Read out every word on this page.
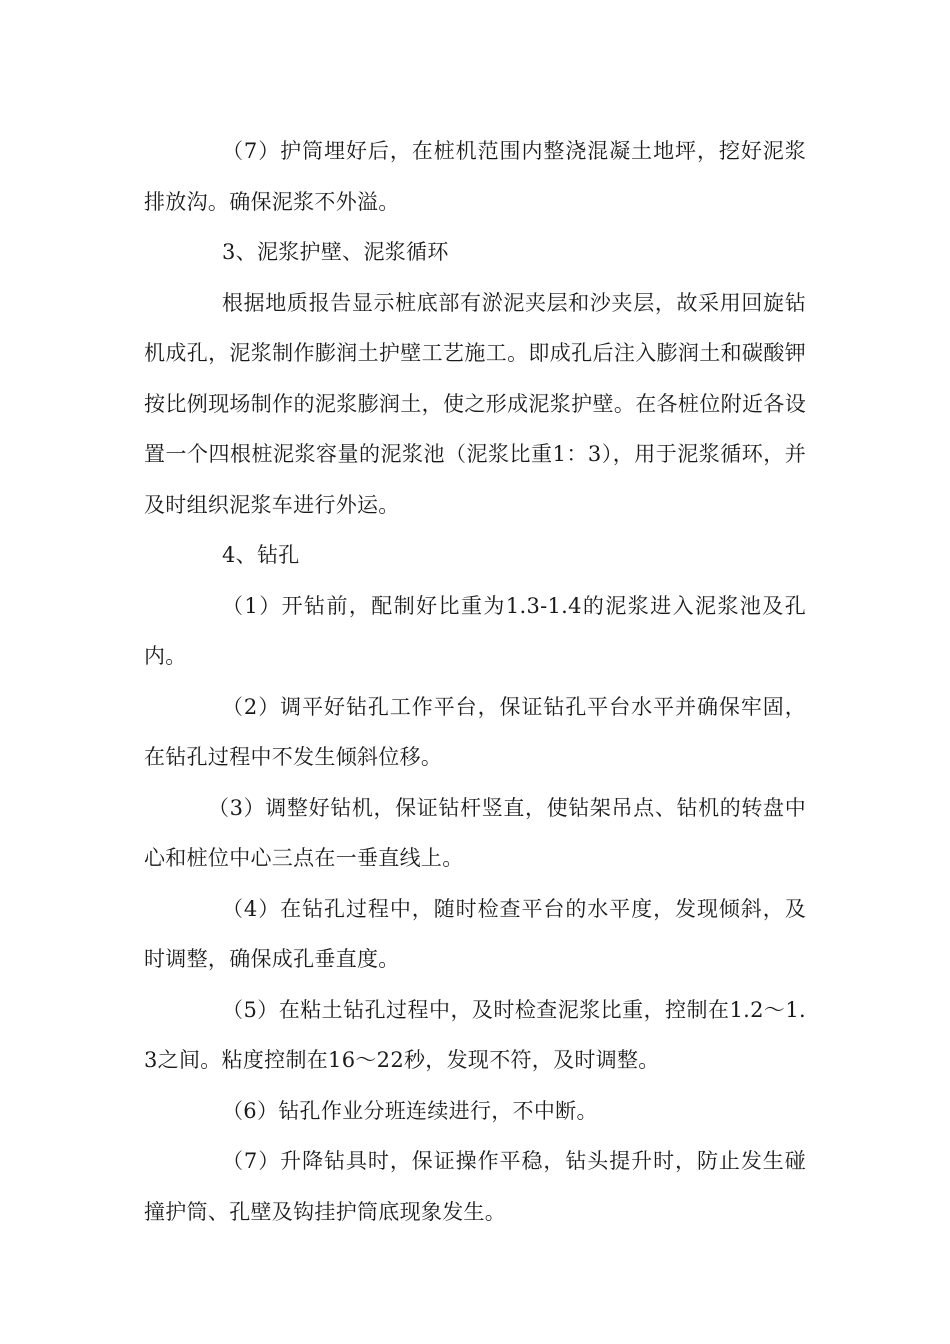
（7）护筒埋好后，在桩机范围内整浇混凝土地坪，挖好泥浆排放沟。确保泥浆不外溢。

3、泥浆护壁、泥浆循环

根据地质报告显示桩底部有淤泥夹层和沙夹层，故采用回旋钻机成孔，泥浆制作膨润土护壁工艺施工。即成孔后注入膨润土和碳酸钾按比例现场制作的泥浆膨润土，使之形成泥浆护壁。在各桩位附近各设置一个四根桩泥浆容量的泥浆池（泥浆比重1：3），用于泥浆循环，并及时组织泥浆车进行外运。

4、钻孔

（1）开钻前，配制好比重为1.3-1.4的泥浆进入泥浆池及孔内。

（2）调平好钻孔工作平台，保证钻孔平台水平并确保牢固，在钻孔过程中不发生倾斜位移。

（3）调整好钻机，保证钻杆竖直，使钻架吊点、钻机的转盘中心和桩位中心三点在一垂直线上。

（4）在钻孔过程中，随时检查平台的水平度，发现倾斜，及时调整，确保成孔垂直度。

（5）在粘土钻孔过程中，及时检查泥浆比重，控制在1.2～1.3之间。粘度控制在16～22秒，发现不符，及时调整。

（6）钻孔作业分班连续进行，不中断。

（7）升降钻具时，保证操作平稳，钻头提升时，防止发生碰撞护筒、孔壁及钩挂护筒底现象发生。
